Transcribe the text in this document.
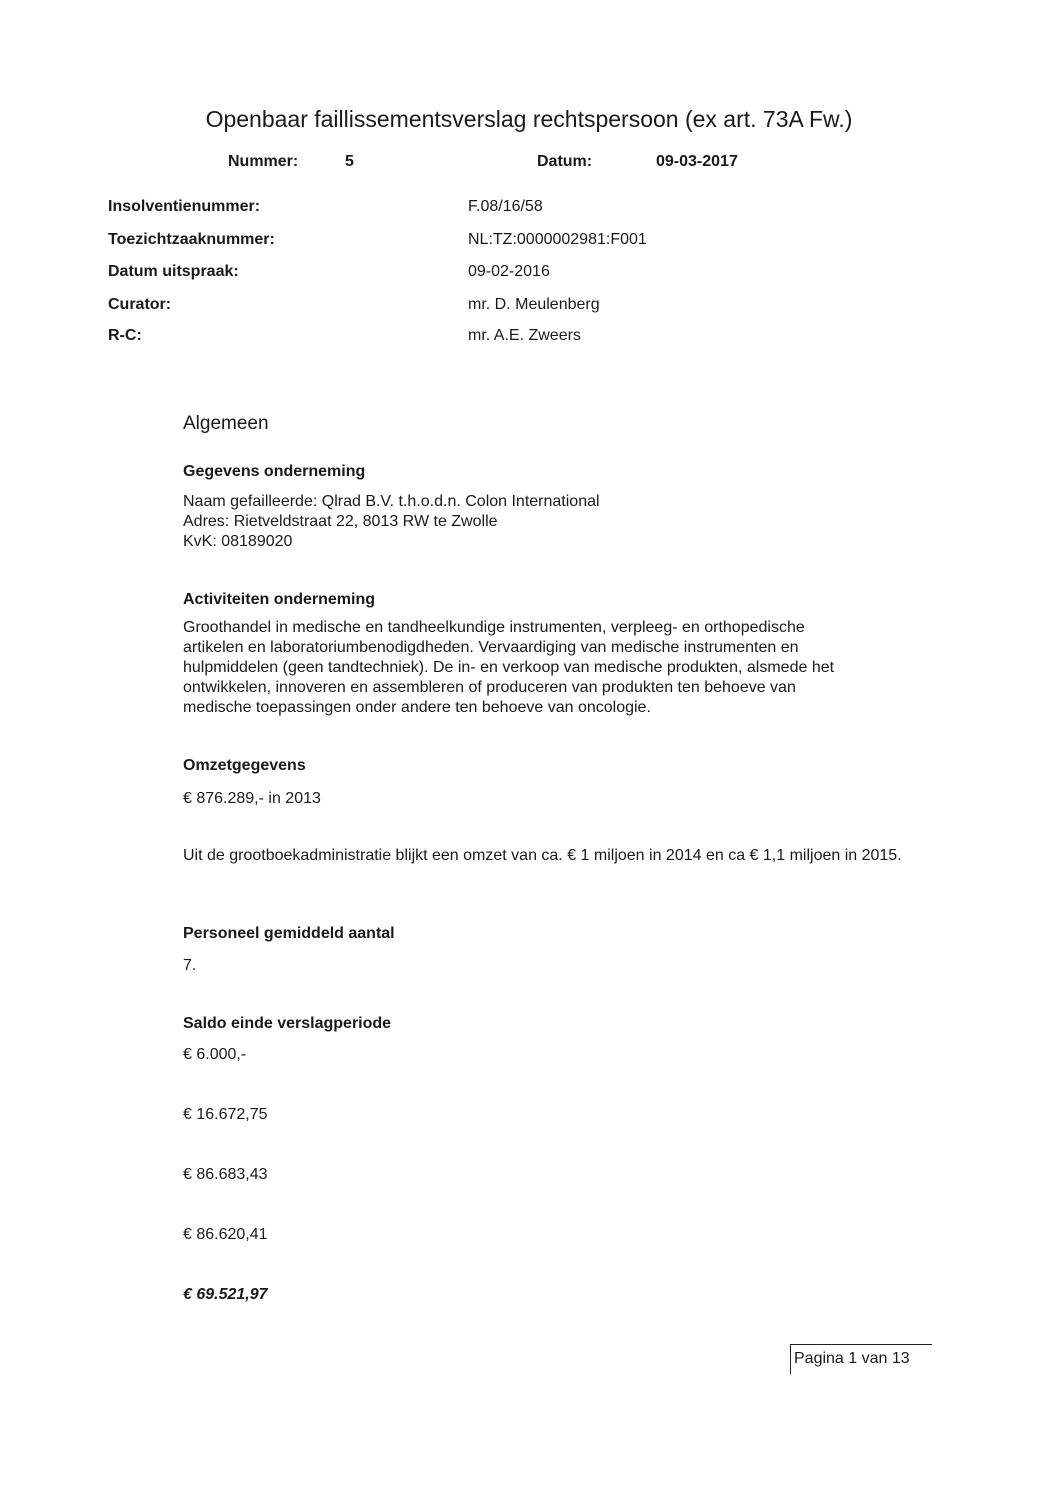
Openbaar faillissementsverslag rechtspersoon (ex art. 73A Fw.)
Nummer:	5	Datum:	09-03-2017
Insolventienummer:	F.08/16/58
Toezichtzaaknummer:	NL:TZ:0000002981:F001
Datum uitspraak:	09-02-2016
Curator:	mr. D. Meulenberg
R-C:	mr. A.E. Zweers
Algemeen
Gegevens onderneming
Naam gefailleerde: Qlrad B.V. t.h.o.d.n. Colon International
Adres: Rietveldstraat 22, 8013 RW te Zwolle
KvK: 08189020
Activiteiten onderneming
Groothandel in medische en tandheelkundige instrumenten, verpleeg- en orthopedische
artikelen en laboratoriumbenodigdheden. Vervaardiging van medische instrumenten en
hulpmiddelen (geen tandtechniek). De in- en verkoop van medische produkten, alsmede het
ontwikkelen, innoveren en assembleren of produceren van produkten ten behoeve van
medische toepassingen onder andere ten behoeve van oncologie.
Omzetgegevens
€ 876.289,- in 2013
Uit de grootboekadministratie blijkt een omzet van ca. € 1 miljoen in 2014 en ca € 1,1 miljoen in 2015.
Personeel gemiddeld aantal
7.
Saldo einde verslagperiode
€ 6.000,-
€ 16.672,75
€ 86.683,43
€ 86.620,41
€ 69.521,97
Pagina 1 van 13
